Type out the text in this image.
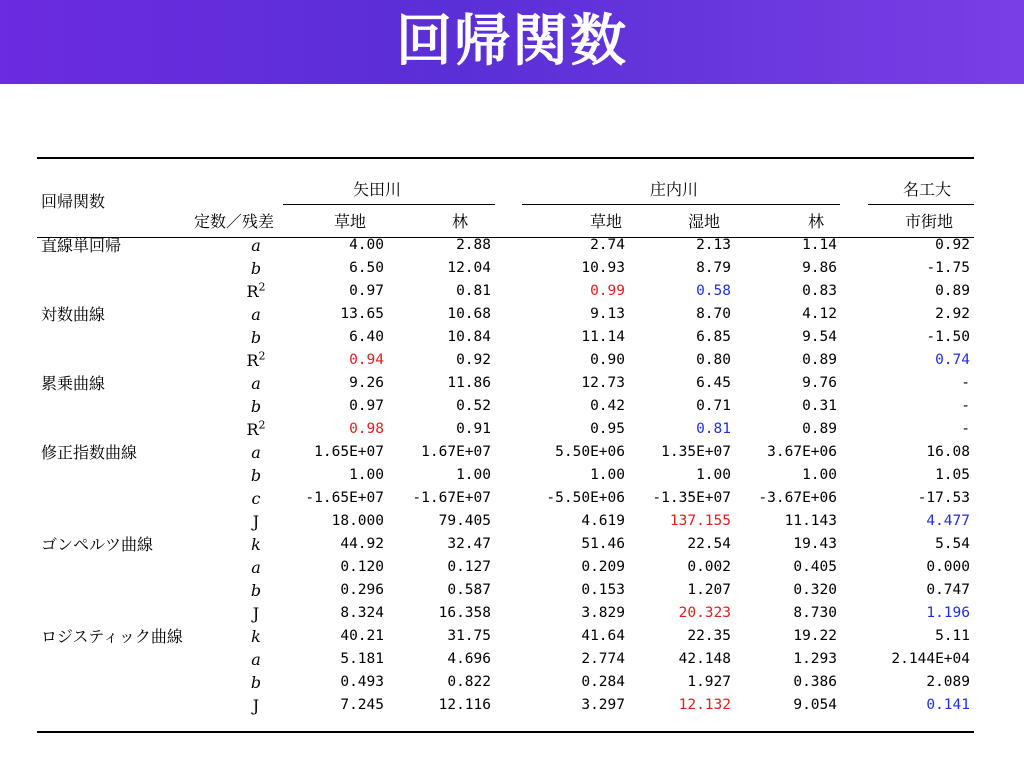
回帰関数
回帰関数
定数／残差
矢田川	庄内川	名工大
草地	林	草地	湿地	林	市街地
直線単回帰	a	4.00	2.88	2.74	2.13	1.14	0.92
b	6.50	12.04	10.93	8.79	9.86	-1.75
$R^2$	0.97	0.81	0.99	0.58	0.83	0.89
対数曲線	a	13.65	10.68	9.13	8.70	4.12	2.92
b	6.40	10.84	11.14	6.85	9.54	-1.50
$R^2$	0.94	0.92	0.90	0.80	0.89	0.74
累乗曲線	a	9.26	11.86	12.73	6.45	9.76	-
b	0.97	0.52	0.42	0.71	0.31	-
$R^2$	0.98	0.91	0.95	0.81	0.89	-
修正指数曲線	a	1.65E+07	1.67E+07	5.50E+06 1.35E+07 3.67E+06	16.08
b	1.00	1.00	1.00	1.00	1.00	1.05
c	-1.65E+07 -1.67E+07	-5.50E+06 -1.35E+07 -3.67E+06	-17.53
J	18.000	79.405	4.619	137.155	11.143	4.477
ゴンペルツ曲線	k	44.92	32.47	51.46	22.54	19.43	5.54
a	0.120	0.127	0.209	0.002	0.405	0.000
b	0.296	0.587	0.153	1.207	0.320	0.747
J	8.324	16.358	3.829	20.323	8.730	1.196
ロジスティック曲線	k	40.21	31.75	41.64	22.35	19.22	5.11
a	5.181	4.696	2.774	42.148	1.293	2.144E+04
b	0.493	0.822	0.284	1.927	0.386	2.089
J	7.245	12.116	3.297	12.132	9.054	0.141
